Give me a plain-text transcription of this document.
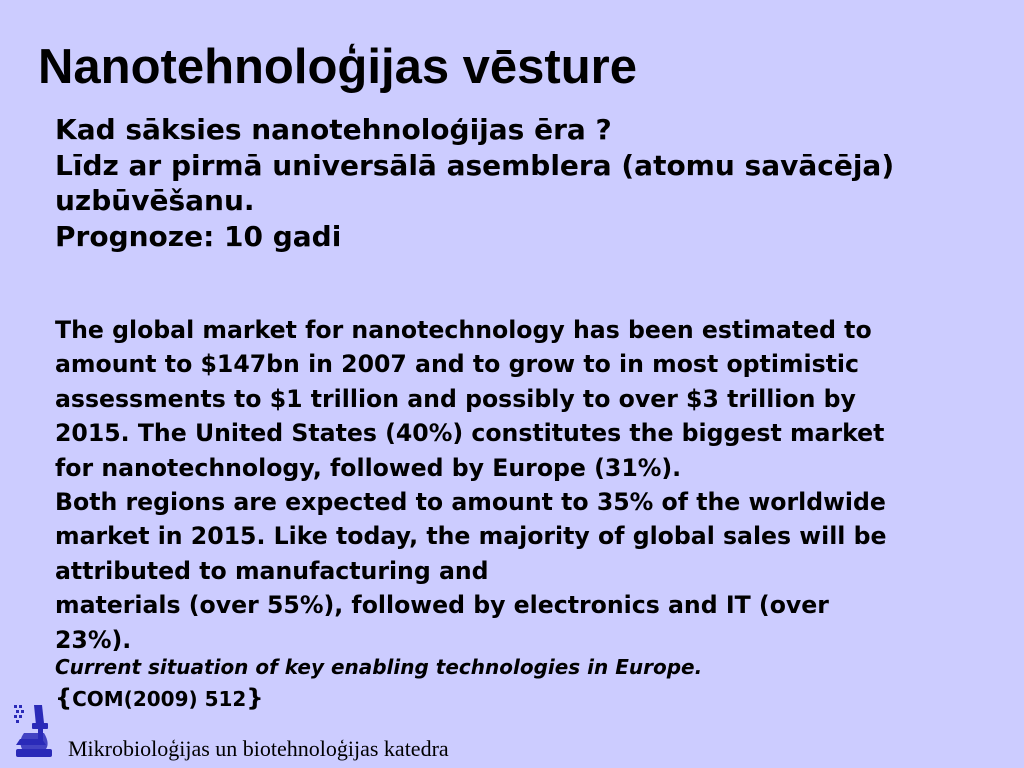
Nanotehnoloģijas vēsture
Kad sāksies nanotehnoloģijas ēra ?
Līdz ar pirmā universālā asemblera (atomu savācēja)
uzbūvēšanu.
Prognoze: 10 gadi
The global market for nanotechnology has been estimated to
amount to $147bn in 2007 and to grow to in most optimistic
assessments to $1 trillion and possibly to over $3 trillion by
2015. The United States (40%) constitutes the biggest market
for nanotechnology, followed by Europe (31%).
Both regions are expected to amount to 35% of the worldwide
market in 2015. Like today, the majority of global sales will be
attributed to manufacturing and
materials (over 55%), followed by electronics and IT (over
23%).
Current situation of key enabling technologies in Europe.
{COM(2009) 512}
Mikrobioloģijas un biotehnoloģijas katedra
